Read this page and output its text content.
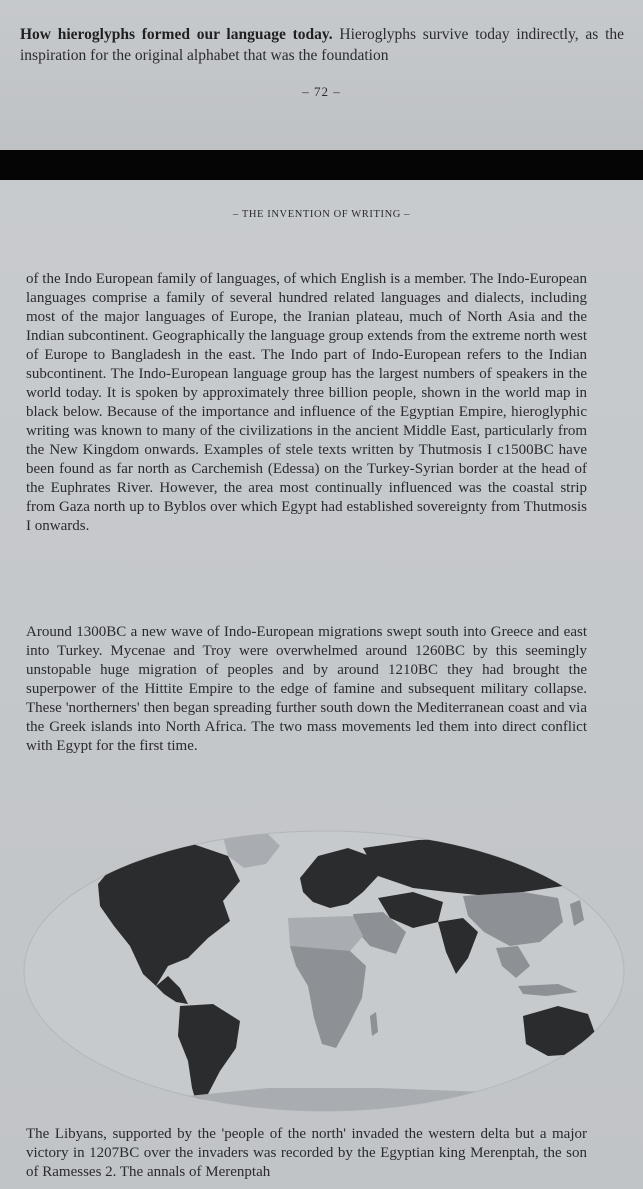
How hieroglyphs formed our language today. Hieroglyphs survive today indirectly, as the inspiration for the original alphabet that was the foundation

– 72 –
– THE INVENTION OF WRITING –

of the Indo European family of languages, of which English is a member. The Indo-European languages comprise a family of several hundred related languages and dialects, including most of the major languages of Europe, the Iranian plateau, much of North Asia and the Indian subcontinent. Geographically the language group extends from the extreme north west of Europe to Bangladesh in the east. The Indo part of Indo-European refers to the Indian subcontinent. The Indo-European language group has the largest numbers of speakers in the world today. It is spoken by approximately three billion people, shown in the world map in black below. Because of the importance and influence of the Egyptian Empire, hieroglyphic writing was known to many of the civilizations in the ancient Middle East, particularly from the New Kingdom onwards. Examples of stele texts written by Thutmosis I c1500BC have been found as far north as Carchemish (Edessa) on the Turkey-Syrian border at the head of the Euphrates River. However, the area most continually influenced was the coastal strip from Gaza north up to Byblos over which Egypt had established sovereignty from Thutmosis I onwards.

Around 1300BC a new wave of Indo-European migrations swept south into Greece and east into Turkey. Mycenae and Troy were overwhelmed around 1260BC by this seemingly unstopable huge migration of peoples and by around 1210BC they had brought the superpower of the Hittite Empire to the edge of famine and subsequent military collapse. These 'northerners' then began spreading further south down the Mediterranean coast and via the Greek islands into North Africa. The two mass movements led them into direct conflict with Egypt for the first time.

The Libyans, supported by the 'people of the north' invaded the western delta but a major victory in 1207BC over the invaders was recorded by the Egyptian king Merenptah, the son of Ramesses 2. The annals of Merenptah
